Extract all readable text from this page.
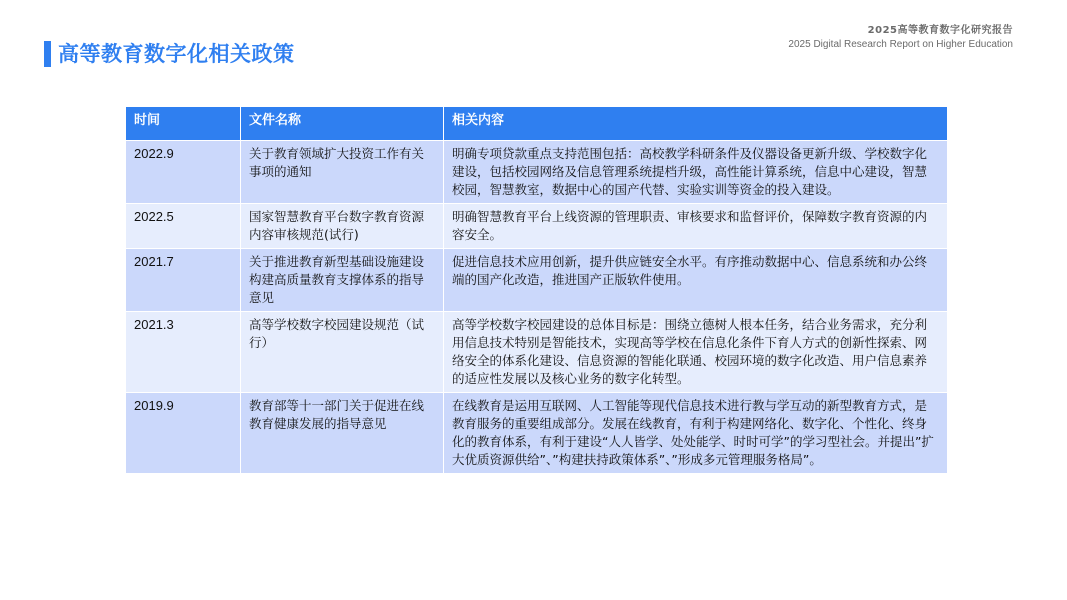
高等教育数字化相关政策
2025高等教育数字化研究报告
2025 Digital Research Report on Higher Education
时间	文件名称	相关内容
2022.9	关于教育领域扩大投资工作有关事项的通知	明确专项贷款重点支持范围包括：高校教学科研条件及仪器设备更新升级、学校数字化建设，包括校园网络及信息管理系统提档升级，高性能计算系统，信息中心建设，智慧校园，智慧教室，数据中心的国产代替、实验实训等资金的投入建设。
2022.5	国家智慧教育平台数字教育资源内容审核规范(试行)	明确智慧教育平台上线资源的管理职责、审核要求和监督评价，保障数字教育资源的内容安全。
2021.7	关于推进教育新型基础设施建设构建高质量教育支撑体系的指导意见	促进信息技术应用创新，提升供应链安全水平。有序推动数据中心、信息系统和办公终端的国产化改造，推进国产正版软件使用。
2021.3	高等学校数字校园建设规范（试行）	高等学校数字校园建设的总体目标是：围绕立德树人根本任务，结合业务需求，充分利用信息技术特别是智能技术，实现高等学校在信息化条件下育人方式的创新性探索、网络安全的体系化建设、信息资源的智能化联通、校园环境的数字化改造、用户信息素养的适应性发展以及核心业务的数字化转型。
2019.9	教育部等十一部门关于促进在线教育健康发展的指导意见	在线教育是运用互联网、人工智能等现代信息技术进行教与学互动的新型教育方式，是教育服务的重要组成部分。发展在线教育，有利于构建网络化、数字化、个性化、终身化的教育体系，有利于建设“人人皆学、处处能学、时时可学”的学习型社会。并提出”扩大优质资源供给”、”构建扶持政策体系”、”形成多元管理服务格局”。
